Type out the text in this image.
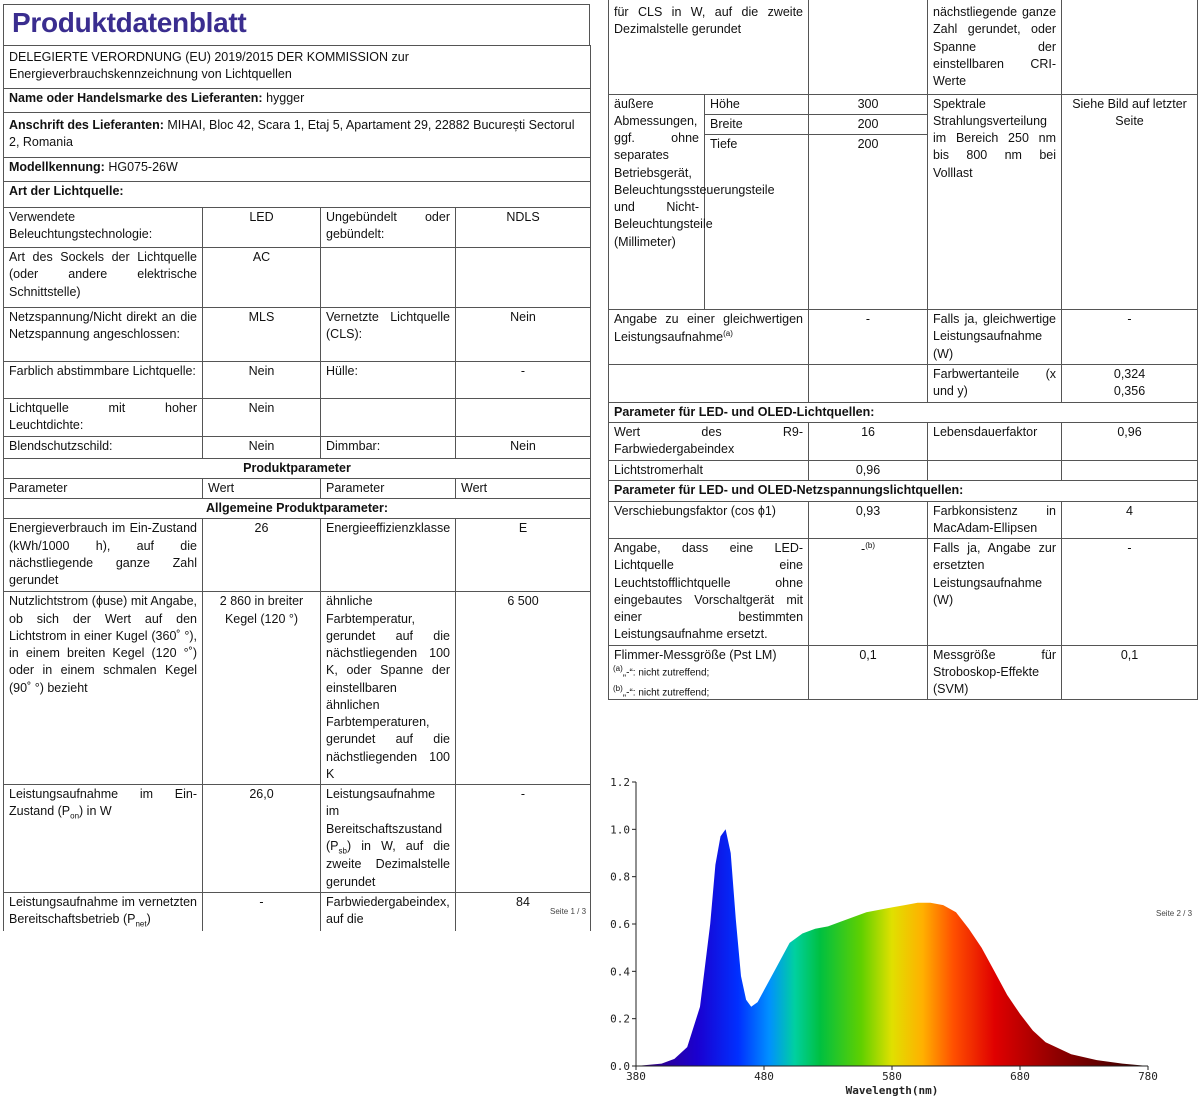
Produktdatenblatt
DELEGIERTE VERORDNUNG (EU) 2019/2015 DER KOMMISSION zur Energieverbrauchskennzeichnung von Lichtquellen			
Name oder Handelsmarke des Lieferanten: hygger			
Anschrift des Lieferanten: MIHAI, Bloc 42, Scara 1, Etaj 5, Apartament 29, 22882 București Sectorul 2, Romania			
Modellkennung: HG075-26W			
Art der Lichtquelle:			
Verwendete Beleuchtungstechnologie:	LED	Ungebündelt oder gebündelt:	NDLS
Art des Sockels der Lichtquelle (oder andere elektrische Schnittstelle)	AC		
Netzspannung/Nicht direkt an die Netzspannung angeschlossen:	MLS	Vernetzte Lichtquelle (CLS):	Nein
Farblich abstimmbare Lichtquelle:	Nein	Hülle:	-
Lichtquelle mit hoher Leuchtdichte:	Nein		
Blendschutzschild:	Nein	Dimmbar:	Nein
Produktparameter			
Parameter	Wert	Parameter	Wert
Allgemeine Produktparameter:			
Energieverbrauch im Ein-Zustand (kWh/1000 h), auf die nächstliegende ganze Zahl gerundet	26	Energieeffizienzklasse	E
Nutzlichtstrom (ϕuse) mit Angabe, ob sich der Wert auf den Lichtstrom in einer Kugel (360˚ °), in einem breiten Kegel (120 °˚) oder in einem schmalen Kegel (90˚ °) bezieht	2 860 in breiter Kegel (120 °)	ähnliche Farbtemperatur, gerundet auf die nächstliegenden 100 K, oder Spanne der einstellbaren ähnlichen Farbtemperaturen, gerundet auf die nächstliegenden 100 K	6 500
Leistungsaufnahme im Ein-Zustand $(P_{on})$ in W	26,0	Leistungsaufnahme im Bereitschaftszustand $(P_{sb})$ in W, auf die zweite Dezimalstelle gerundet	-
Leistungsaufnahme im vernetzten Bereitschaftsbetrieb $(P_{net})$	-	Farbwiedergabeindex, auf die	84
Seite 1 / 3
für CLS in W, auf die zweite Dezimalstelle gerundet			nächstliegende ganze Zahl gerundet, oder Spanne der einstellbaren CRI-Werte	
äußere Abmessungen, ggf. ohne separates Betriebsgerät, Beleuchtungssteuerungsteile und Nicht-Beleuchtungsteile (Millimeter)	Höhe	300	Spektrale Strahlungsverteilung im Bereich 250 nm bis 800 nm bei Volllast	Siehe Bild auf letzter Seite
	Breite	200		
	Tiefe	200		

Angabe zu einer gleichwertigen Leistungsaufnahme$^{(a)}$		-	Falls ja, gleichwertige Leistungsaufnahme (W)	-
			Farbwertanteile (x und y)	0,324
0,356

Parameter für LED- und OLED-Lichtquellen:				
Wert des R9-Farbwiedergabeindex		16	Lebensdauerfaktor	0,96
Lichtstromerhalt		0,96		
Parameter für LED- und OLED-Netzspannungslichtquellen:				
Verschiebungsfaktor (cos ϕ1)		0,93	Farbkonsistenz in MacAdam-Ellipsen	4
Angabe, dass eine LED-Lichtquelle eine Leuchtstofflichtquelle ohne eingebautes Vorschaltgerät mit einer bestimmten Leistungsaufnahme ersetzt.		-$^{(b)}$	Falls ja, Angabe zur ersetzten Leistungsaufnahme (W)	-
Flimmer-Messgröße (Pst LM)		0,1	Messgröße für Stroboskop-Effekte (SVM)	0,1
$^{(a)}$„-“: nicht zutreffend;
$^{(b)}$„-“: nicht zutreffend;
Seite 2 / 3
0.0
0.2
0.4
0.6
0.8
1.0
1.2
380	480	580	680	780
Wavelength(nm)
